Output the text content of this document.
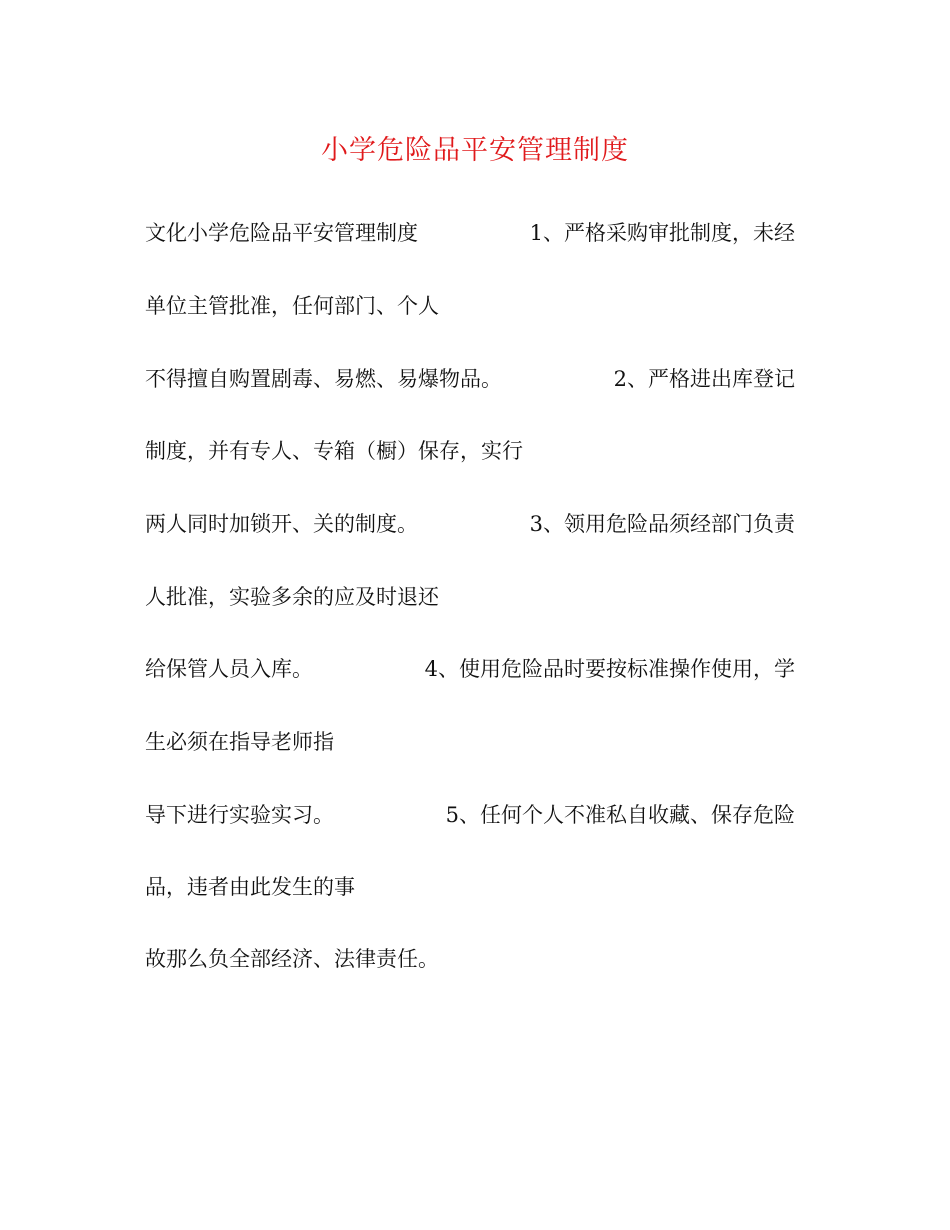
小学危险品平安管理制度
文化小学危险品平安管理制度	1、严格采购审批制度，未经
单位主管批准，任何部门、个人
不得擅自购置剧毒、易燃、易爆物品。	2、严格进出库登记
制度，并有专人、专箱（橱）保存，实行
两人同时加锁开、关的制度。	3、领用危险品须经部门负责
人批准，实验多余的应及时退还
给保管人员入库。	4、使用危险品时要按标准操作使用，学
生必须在指导老师指
导下进行实验实习。	5、任何个人不准私自收藏、保存危险
品，违者由此发生的事
故那么负全部经济、法律责任。
